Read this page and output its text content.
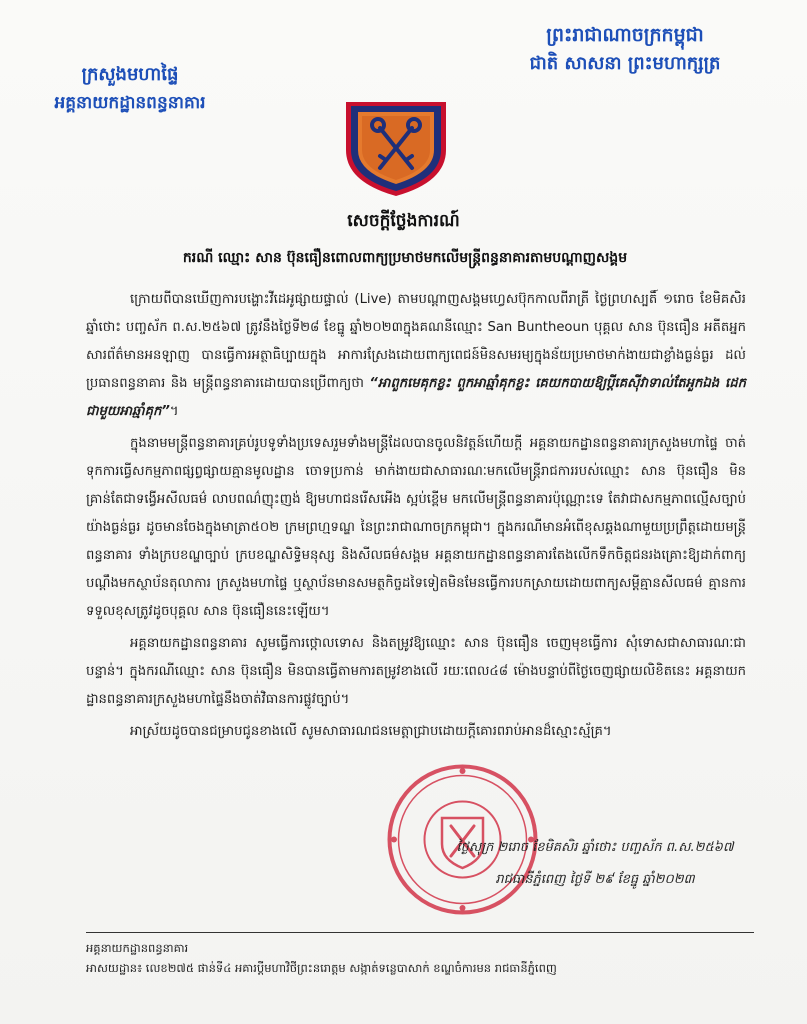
ក្រសួងមហាផ្ទៃ
អគ្គនាយកដ្ឋានពន្ធនាគារ
ព្រះរាជាណាចក្រកម្ពុជា
ជាតិ សាសនា ព្រះមហាក្សត្រ
សេចក្ដីថ្លែងការណ៍
ករណី ឈ្មោះ សាន ប៊ុនធឿនពោលពាក្យប្រមាថមកលើមន្ត្រីពន្ធនាគារតាមបណ្ដាញសង្គម

ក្រោយពីបានឃើញការបង្ហោះវីដេអូផ្សាយផ្ទាល់ (Live) តាមបណ្ដាញសង្គមហ្វេសប៊ុកកាលពីរាត្រី ថ្ងៃព្រហស្បតិ៍ ១រោច ខែមិគសិរ ឆ្នាំថោះ បញ្ចស័ក ព.ស.២៥៦៧ ត្រូវនឹងថ្ងៃទី២៨ ខែធ្នូ ឆ្នាំ២០២៣ក្នុងគណនីឈ្មោះ San Buntheoun បុគ្គល សាន ប៊ុនធឿន អតីតអ្នកសារព័ត៌មានអនឡាញ បានធ្វើការអត្ថាធិប្បាយក្នុង អាការស្រែងដោយពាក្យពេជន៍មិនសមរម្យក្នុងន័យប្រមាថមាក់ងាយជាខ្លាំងធ្ងន់ធ្ងរ ដល់ប្រធានពន្ធនាគារ និង មន្ត្រីពន្ធនាគារដោយបានប្រើពាក្យថា “អាពួកមេគុកខ្លះ ពួកអាឆ្មាំគុកខ្លះ គេយកបាយឱ្យប្ដីគេស៊ីវាទាល់តែអួកឯង ដេកជាមួយអាឆ្មាំគុក”។

ក្នុងនាមមន្ត្រីពន្ធនាគារគ្រប់រូបទូទាំងប្រទេសរួមទាំងមន្ត្រីដែលបានចូលនិវត្តន៍ហើយក្ដី អគ្គនាយកដ្ឋានពន្ធនាគារក្រសួងមហាផ្ទៃ ចាត់ទុកការធ្វើសកម្មភាពផ្សព្វផ្សាយគ្មានមូលដ្ឋាន ចោទប្រកាន់ មាក់ងាយជាសាធារណៈមកលើមន្ត្រីរាជការរបស់ឈ្មោះ សាន ប៊ុនធឿន មិនគ្រាន់តែជាទង្វើអសីលធម៌ លាបពណ៌ញុះញង់ ឱ្យមហាជនរើសអើង ស្អប់ខ្ពើម មកលើមន្ត្រីពន្ធនាគារប៉ុណ្ណោះទេ តែវាជាសកម្មភាពល្មើសច្បាប់យ៉ាងធ្ងន់ធ្ងរ ដូចមានចែងក្នុងមាត្រា៥០២ ក្រមព្រហ្មទណ្ឌ នៃព្រះរាជាណាចក្រកម្ពុជា។ ក្នុងករណីមានអំពើខុសឆ្គងណាមួយប្រព្រឹត្តដោយមន្ត្រីពន្ធនាគារ ទាំងក្របខណ្ឌច្បាប់ ក្របខណ្ឌសិទ្ធិមនុស្ស និងសីលធម៌សង្គម អគ្គនាយកដ្ឋានពន្ធនាគារតែងលើកទឹកចិត្តជនរងគ្រោះឱ្យដាក់ពាក្យបណ្ដឹងមកស្ថាប័នតុលាការ ក្រសួងមហាផ្ទៃ ឬស្ថាប័នមានសមត្ថកិច្ចដទៃទៀតមិនមែនធ្វើការបកស្រាយដោយពាក្យសម្ដីគ្មានសីលធម៌ គ្មានការទទួលខុសត្រូវដូចបុគ្គល សាន ប៊ុនធឿននេះឡើយ។

អគ្គនាយកដ្ឋានពន្ធនាគារ សូមធ្វើការថ្កោលទោស និងតម្រូវឱ្យឈ្មោះ សាន ប៊ុនធឿន ចេញមុខធ្វើការ សុំទោសជាសាធារណៈជាបន្ទាន់។ ក្នុងករណីឈ្មោះ សាន ប៊ុនធឿន មិនបានធ្វើតាមការតម្រូវខាងលើ រយៈពេល៤៨ ម៉ោងបន្ទាប់ពីថ្ងៃចេញផ្សាយលិខិតនេះ អគ្គនាយកដ្ឋានពន្ធនាគារក្រសួងមហាផ្ទៃនឹងចាត់វិធានការផ្លូវច្បាប់។

អាស្រ័យដូចបានជម្រាបជូនខាងលើ សូមសាធារណជនមេត្តាជ្រាបដោយក្ដីគោរពរាប់អានដ៏ស្មោះស្ម័គ្រ។

ថ្ងៃសុក្រ ២រោច ខែមិគសិរ ឆ្នាំថោះ បញ្ចស័ក ព.ស.២៥៦៧
រាជធានីភ្នំពេញ ថ្ងៃទី ២៩ ខែធ្នូ ឆ្នាំ២០២៣
អគ្គនាយកដ្ឋានពន្ធនាគារ
អាសយដ្ឋាន៖ លេខ២៧៥ ផាន់ទី៤ អគារប្ដីមហាវិថីព្រះនរោត្តម សង្កាត់ទន្លេបាសាក់ ខណ្ឌចំការមន រាជធានីភ្នំពេញ
